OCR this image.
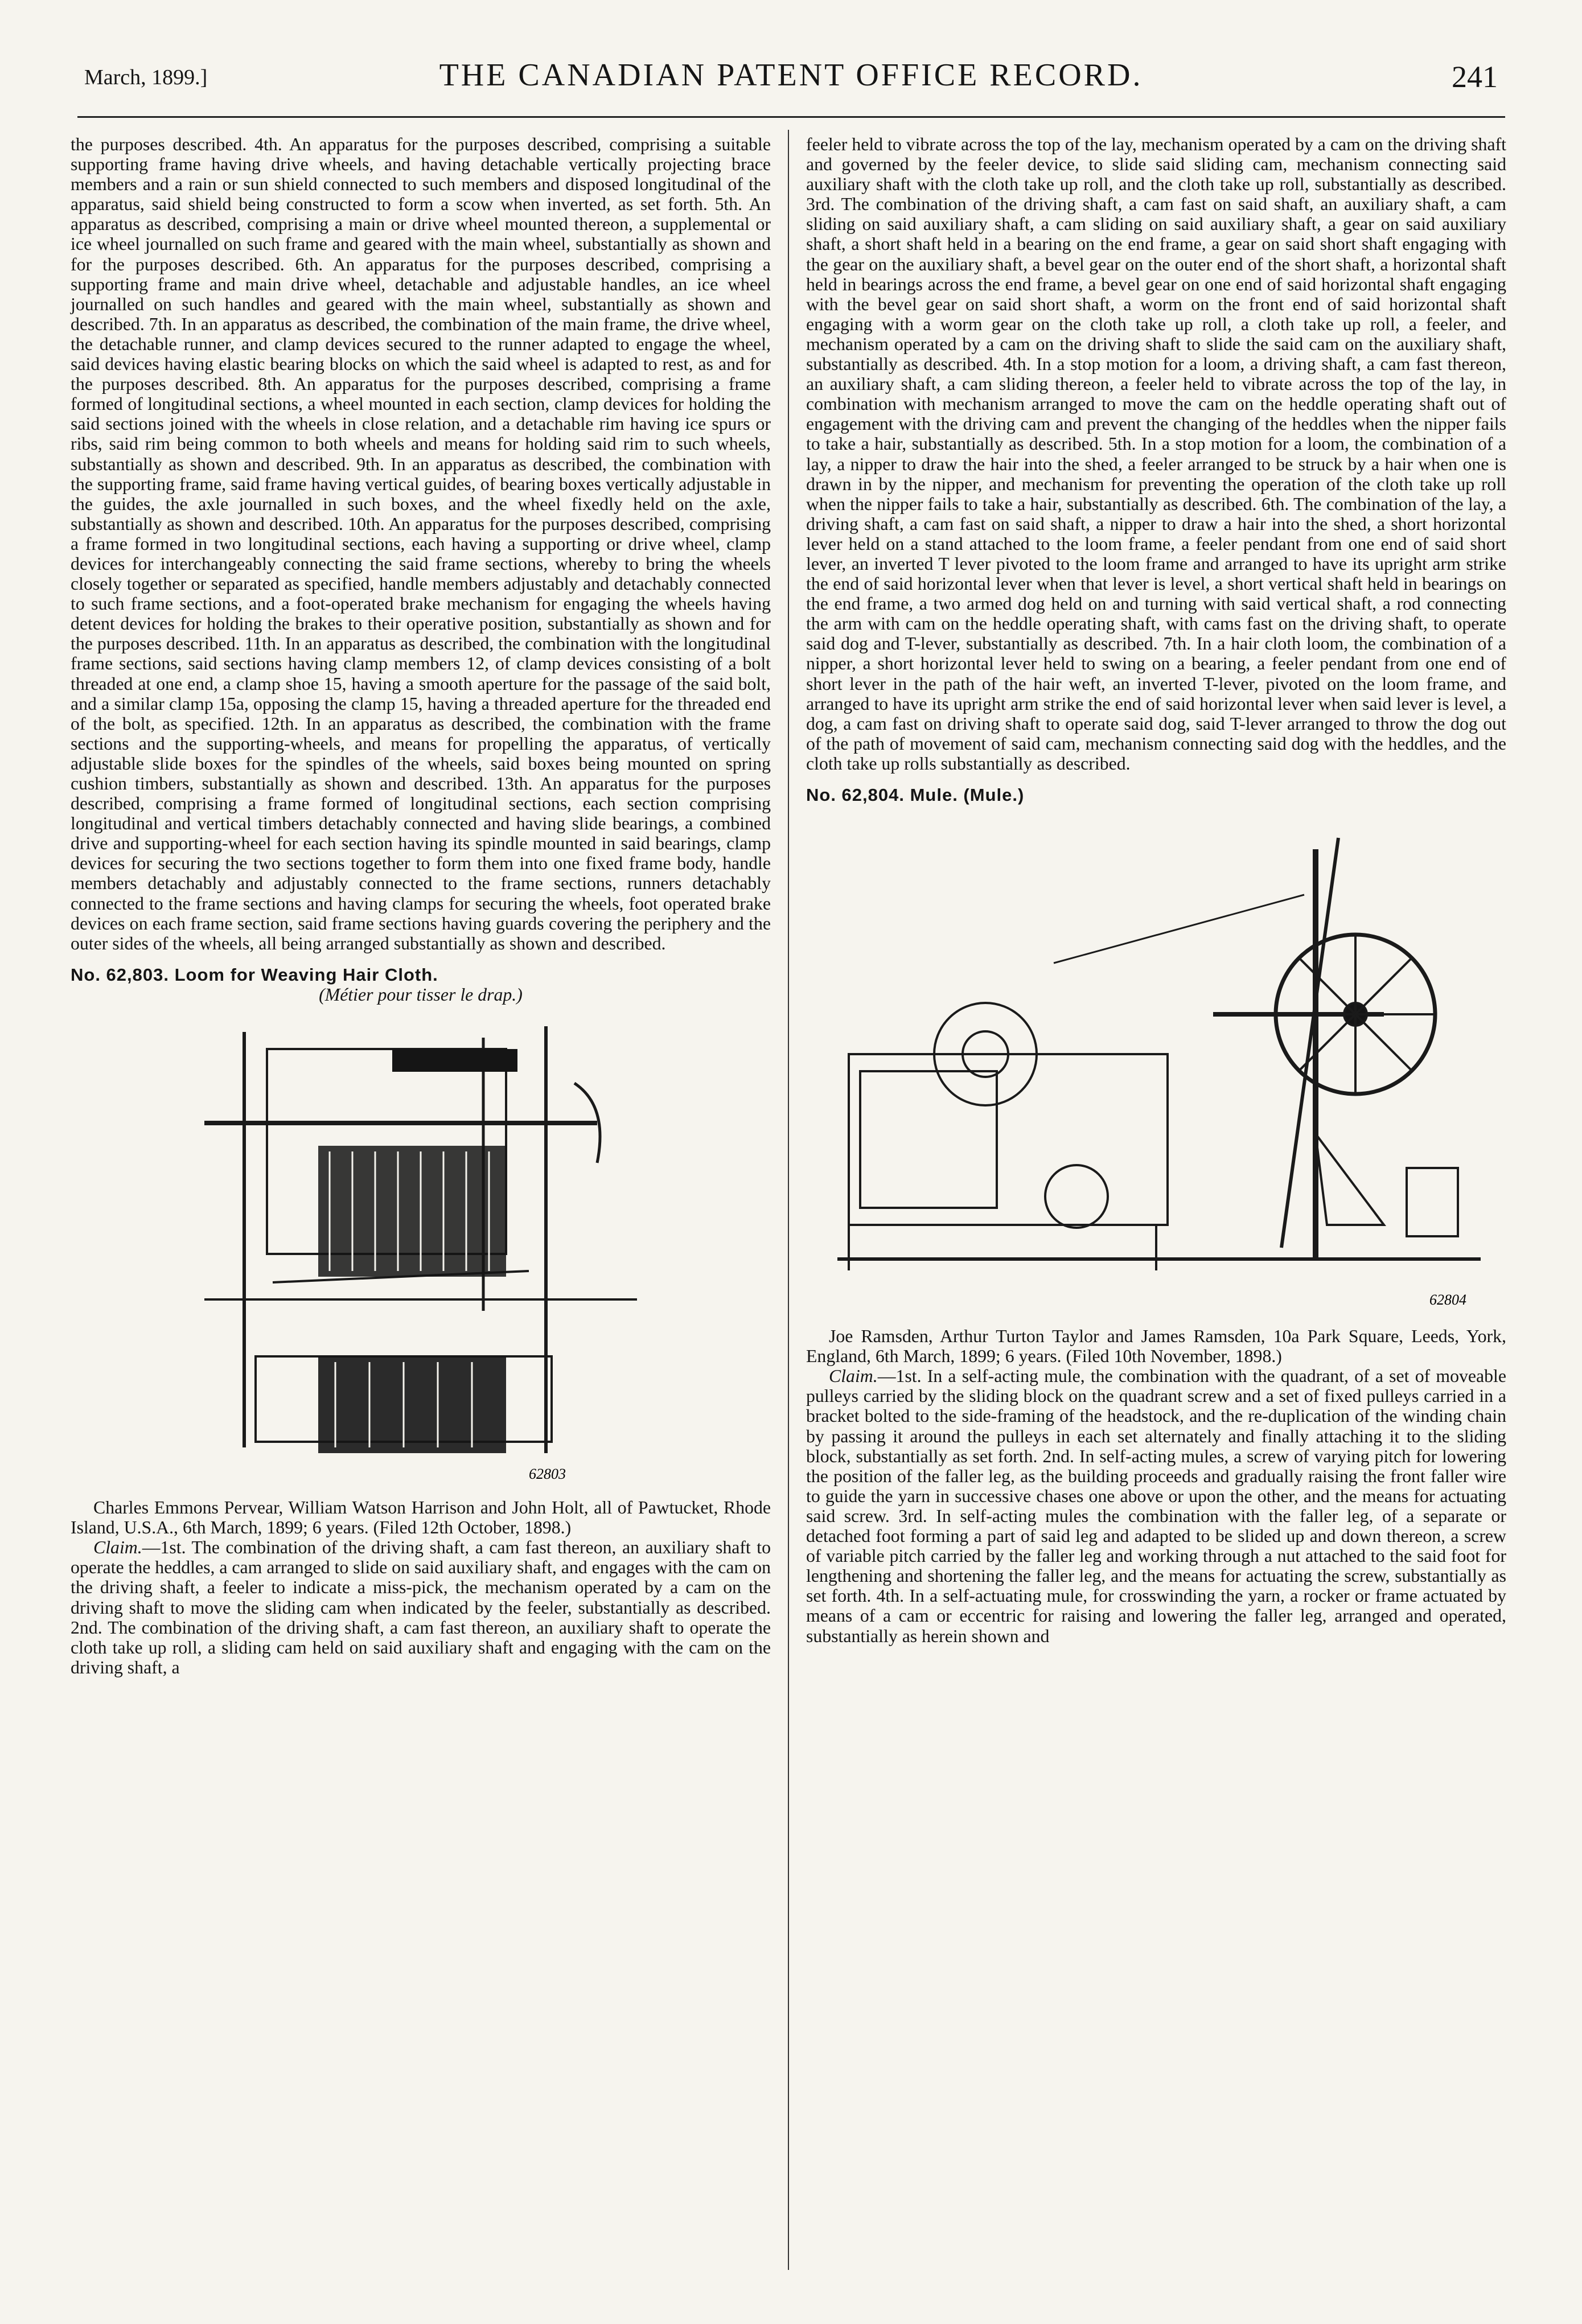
March, 1899.]	THE CANADIAN PATENT OFFICE RECORD.	241

the purposes described. 4th. An apparatus for the purposes described, comprising a suitable supporting frame having drive wheels, and having detachable vertically projecting brace members and a rain or sun shield connected to such members and disposed longitudinal of the apparatus, said shield being constructed to form a scow when inverted, as set forth. 5th. An apparatus as described, comprising a main or drive wheel mounted thereon, a supplemental or ice wheel journalled on such frame and geared with the main wheel, substantially as shown and for the purposes described. 6th. An apparatus for the purposes described, comprising a supporting frame and main drive wheel, detachable and adjustable handles, an ice wheel journalled on such handles and geared with the main wheel, substantially as shown and described. 7th. In an apparatus as described, the combination of the main frame, the drive wheel, the detachable runner, and clamp devices secured to the runner adapted to engage the wheel, said devices having elastic bearing blocks on which the said wheel is adapted to rest, as and for the purposes described. 8th. An apparatus for the purposes described, comprising a frame formed of longitudinal sections, a wheel mounted in each section, clamp devices for holding the said sections joined with the wheels in close relation, and a detachable rim having ice spurs or ribs, said rim being common to both wheels and means for holding said rim to such wheels, substantially as shown and described. 9th. In an apparatus as described, the combination with the supporting frame, said frame having vertical guides, of bearing boxes vertically adjustable in the guides, the axle journalled in such boxes, and the wheel fixedly held on the axle, substantially as shown and described. 10th. An apparatus for the purposes described, comprising a frame formed in two longitudinal sections, each having a supporting or drive wheel, clamp devices for interchangeably connecting the said frame sections, whereby to bring the wheels closely together or separated as specified, handle members adjustably and detachably connected to such frame sections, and a foot-operated brake mechanism for engaging the wheels having detent devices for holding the brakes to their operative position, substantially as shown and for the purposes described. 11th. In an apparatus as described, the combination with the longitudinal frame sections, said sections having clamp members 12, of clamp devices consisting of a bolt threaded at one end, a clamp shoe 15, having a smooth aperture for the passage of the said bolt, and a similar clamp 15a, opposing the clamp 15, having a threaded aperture for the threaded end of the bolt, as specified. 12th. In an apparatus as described, the combination with the frame sections and the supporting-wheels, and means for propelling the apparatus, of vertically adjustable slide boxes for the spindles of the wheels, said boxes being mounted on spring cushion timbers, substantially as shown and described. 13th. An apparatus for the purposes described, comprising a frame formed of longitudinal sections, each section comprising longitudinal and vertical timbers detachably connected and having slide bearings, a combined drive and supporting-wheel for each section having its spindle mounted in said bearings, clamp devices for securing the two sections together to form them into one fixed frame body, handle members detachably and adjustably connected to the frame sections, runners detachably connected to the frame sections and having clamps for securing the wheels, foot operated brake devices on each frame section, said frame sections having guards covering the periphery and the outer sides of the wheels, all being arranged substantially as shown and described.

No. 62,803. Loom for Weaving Hair Cloth.

(Métier pour tisser le drap.)

62803

Charles Emmons Pervear, William Watson Harrison and John Holt, all of Pawtucket, Rhode Island, U.S.A., 6th March, 1899; 6 years. (Filed 12th October, 1898.)

Claim.—1st. The combination of the driving shaft, a cam fast thereon, an auxiliary shaft to operate the heddles, a cam arranged to slide on said auxiliary shaft, and engages with the cam on the driving shaft, a feeler to indicate a miss-pick, the mechanism operated by a cam on the driving shaft to move the sliding cam when indicated by the feeler, substantially as described. 2nd. The combination of the driving shaft, a cam fast thereon, an auxiliary shaft to operate the cloth take up roll, a sliding cam held on said auxiliary shaft and engaging with the cam on the driving shaft, a

feeler held to vibrate across the top of the lay, mechanism operated by a cam on the driving shaft and governed by the feeler device, to slide said sliding cam, mechanism connecting said auxiliary shaft with the cloth take up roll, and the cloth take up roll, substantially as described. 3rd. The combination of the driving shaft, a cam fast on said shaft, an auxiliary shaft, a cam sliding on said auxiliary shaft, a cam sliding on said auxiliary shaft, a gear on said auxiliary shaft, a short shaft held in a bearing on the end frame, a gear on said short shaft engaging with the gear on the auxiliary shaft, a bevel gear on the outer end of the short shaft, a horizontal shaft held in bearings across the end frame, a bevel gear on one end of said horizontal shaft engaging with the bevel gear on said short shaft, a worm on the front end of said horizontal shaft engaging with a worm gear on the cloth take up roll, a cloth take up roll, a feeler, and mechanism operated by a cam on the driving shaft to slide the said cam on the auxiliary shaft, substantially as described. 4th. In a stop motion for a loom, a driving shaft, a cam fast thereon, an auxiliary shaft, a cam sliding thereon, a feeler held to vibrate across the top of the lay, in combination with mechanism arranged to move the cam on the heddle operating shaft out of engagement with the driving cam and prevent the changing of the heddles when the nipper fails to take a hair, substantially as described. 5th. In a stop motion for a loom, the combination of a lay, a nipper to draw the hair into the shed, a feeler arranged to be struck by a hair when one is drawn in by the nipper, and mechanism for preventing the operation of the cloth take up roll when the nipper fails to take a hair, substantially as described. 6th. The combination of the lay, a driving shaft, a cam fast on said shaft, a nipper to draw a hair into the shed, a short horizontal lever held on a stand attached to the loom frame, a feeler pendant from one end of said short lever, an inverted T lever pivoted to the loom frame and arranged to have its upright arm strike the end of said horizontal lever when that lever is level, a short vertical shaft held in bearings on the end frame, a two armed dog held on and turning with said vertical shaft, a rod connecting the arm with cam on the heddle operating shaft, with cams fast on the driving shaft, to operate said dog and T-lever, substantially as described. 7th. In a hair cloth loom, the combination of a nipper, a short horizontal lever held to swing on a bearing, a feeler pendant from one end of short lever in the path of the hair weft, an inverted T-lever, pivoted on the loom frame, and arranged to have its upright arm strike the end of said horizontal lever when said lever is level, a dog, a cam fast on driving shaft to operate said dog, said T-lever arranged to throw the dog out of the path of movement of said cam, mechanism connecting said dog with the heddles, and the cloth take up rolls substantially as described.

No. 62,804. Mule. (Mule.)

62804

Joe Ramsden, Arthur Turton Taylor and James Ramsden, 10a Park Square, Leeds, York, England, 6th March, 1899; 6 years. (Filed 10th November, 1898.)

Claim.—1st. In a self-acting mule, the combination with the quadrant, of a set of moveable pulleys carried by the sliding block on the quadrant screw and a set of fixed pulleys carried in a bracket bolted to the side-framing of the headstock, and the re-duplication of the winding chain by passing it around the pulleys in each set alternately and finally attaching it to the sliding block, substantially as set forth. 2nd. In self-acting mules, a screw of varying pitch for lowering the position of the faller leg, as the building proceeds and gradually raising the front faller wire to guide the yarn in successive chases one above or upon the other, and the means for actuating said screw. 3rd. In self-acting mules the combination with the faller leg, of a separate or detached foot forming a part of said leg and adapted to be slided up and down thereon, a screw of variable pitch carried by the faller leg and working through a nut attached to the said foot for lengthening and shortening the faller leg, and the means for actuating the screw, substantially as set forth. 4th. In a self-actuating mule, for crosswinding the yarn, a rocker or frame actuated by means of a cam or eccentric for raising and lowering the faller leg, arranged and operated, substantially as herein shown and
